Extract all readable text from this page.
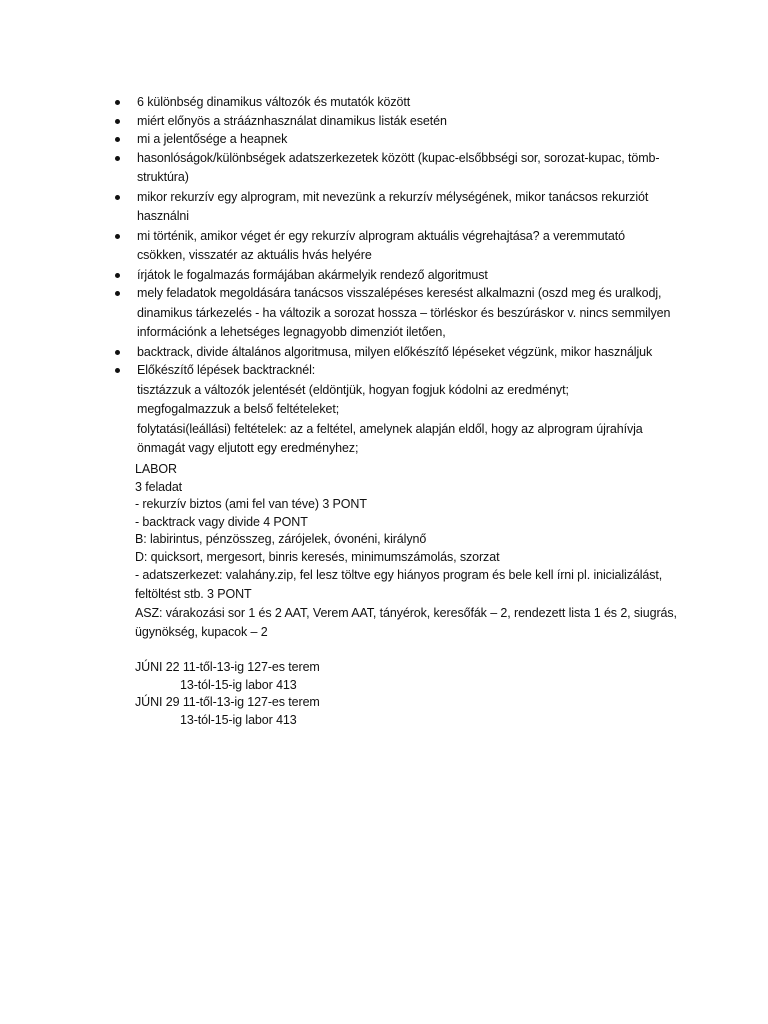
6 különbség dinamikus változók és mutatók között
miért előnyös a strááznhasználat dinamikus listák esetén
mi a jelentősége a heapnek
hasonlóságok/különbségek adatszerkezetek között (kupac-elsőbbségi sor, sorozat-kupac, tömb-struktúra)
mikor rekurzív egy alprogram, mit nevezünk a rekurzív mélységének, mikor tanácsos rekurziót használni
mi történik, amikor véget ér egy rekurzív alprogram aktuális végrehajtása? a veremmutató csökken, visszatér az aktuális hvás helyére
írjátok le fogalmazás formájában akármelyik rendező algoritmust
mely feladatok megoldására tanácsos visszalépéses keresést alkalmazni (oszd meg és uralkodj, dinamikus tárkezelés - ha változik a sorozat hossza – törléskor és beszúráskor v. nincs semmilyen információnk a lehetséges legnagyobb dimenziót iletően,
backtrack, divide általános algoritmusa, milyen előkészítő lépéseket végzünk, mikor használjuk
Előkészítő lépések backtracknél:
tisztázzuk a változók jelentését (eldöntjük, hogyan fogjuk kódolni az eredményt;
megfogalmazzuk a belső feltételeket;
folytatási(leállási) feltételek: az a feltétel, amelynek alapján eldől, hogy az alprogram újrahívja önmagát vagy eljutott egy eredményhez;
LABOR
3 feladat
- rekurzív biztos (ami fel van téve) 3 PONT
- backtrack vagy divide 4 PONT
B: labirintus, pénzösszeg, zárójelek, óvonéni, királynő
D: quicksort, mergesort, binris keresés, minimumszámolás, szorzat
- adatszerkezet: valahány.zip, fel lesz töltve egy hiányos program és bele kell írni pl. inicializálást, feltöltést stb. 3 PONT
ASZ: várakozási sor 1 és 2 AAT, Verem AAT, tányérok, keresőfák – 2, rendezett lista 1 és 2, siugrás, ügynökség, kupacok – 2
JÚNI 22 11-től-13-ig 127-es terem
13-tól-15-ig labor 413
JÚNI 29 11-től-13-ig 127-es terem
13-tól-15-ig labor 413
